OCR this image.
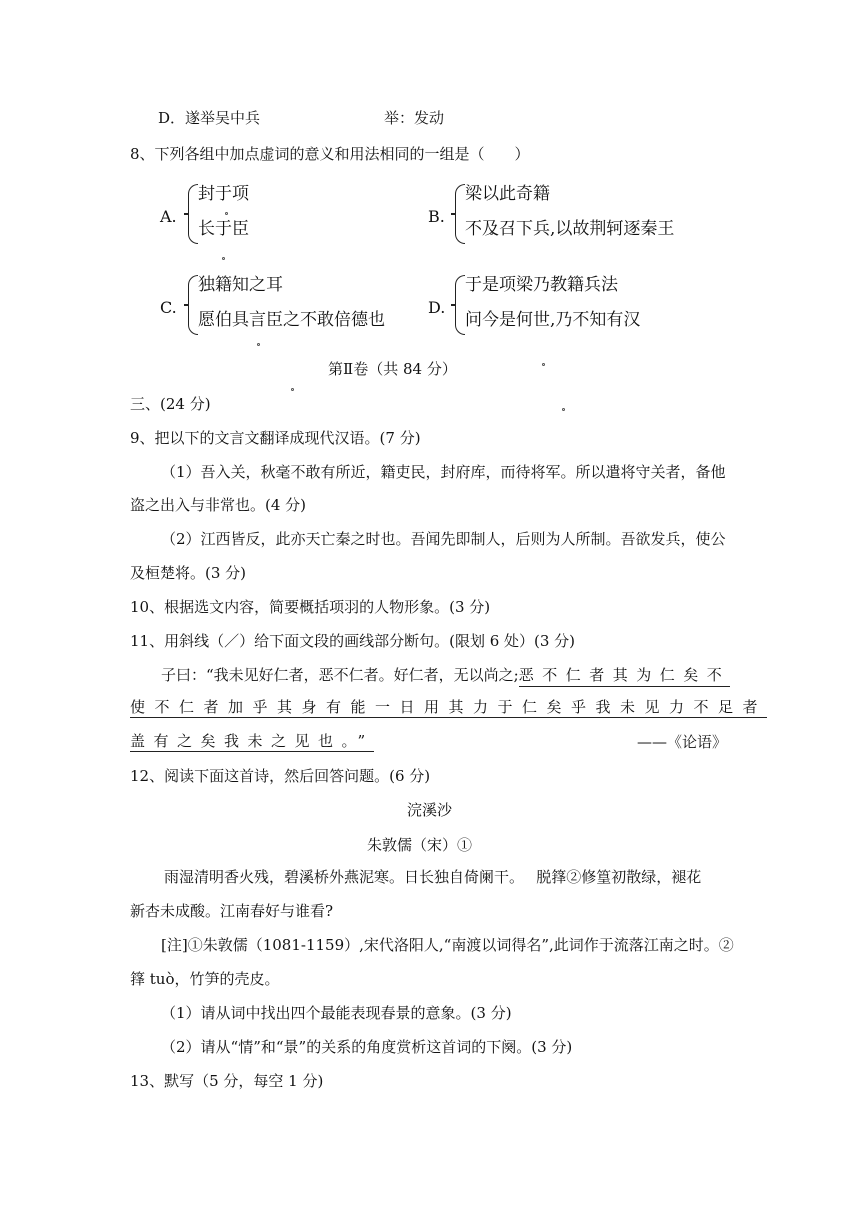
D．遂举吴中兵	举：发动
8、下列各组中加点虚词的意义和用法相同的一组是（　　）
A.
封于项
长于臣
B.
梁以此奇籍
不及召下兵,以故荆轲逐秦王
C.
独籍知之耳
愿伯具言臣之不敢倍德也
D.
于是项梁乃教籍兵法
问今是何世,乃不知有汉
第Ⅱ卷（共 84 分）
三、(24 分)
9、把以下的文言文翻译成现代汉语。(7 分)
（1）吾入关，秋毫不敢有所近，籍吏民，封府库，而待将军。所以遣将守关者，备他
盗之出入与非常也。(4 分)
（2）江西皆反，此亦天亡秦之时也。吾闻先即制人，后则为人所制。吾欲发兵，使公
及桓楚将。(3 分)
10、根据选文内容，简要概括项羽的人物形象。(3 分)
11、用斜线（／）给下面文段的画线部分断句。(限划 6 处）(3 分)
子曰：“我未见好仁者，恶不仁者。好仁者，无以尚之;恶不仁者其为仁矣不
使不仁者加乎其身有能一日用其力于仁矣乎我未见力不足者
盖有之矣我未之见也。”	——《论语》
12、阅读下面这首诗，然后回答问题。(6 分)
浣溪沙
朱敦儒（宋）①
雨湿清明香火残，碧溪桥外燕泥寒。日长独自倚阑干。　 脱箨②修篁初散绿，褪花
新杏未成酸。江南春好与谁看?
[注]①朱敦儒（1081-1159）,宋代洛阳人,“南渡以词得名”,此词作于流落江南之时。②
箨 tuò，竹笋的壳皮。
（1）请从词中找出四个最能表现春景的意象。(3 分)
（2）请从“情”和“景”的关系的角度赏析这首词的下阕。(3 分)
13、默写（5 分，每空 1 分)
